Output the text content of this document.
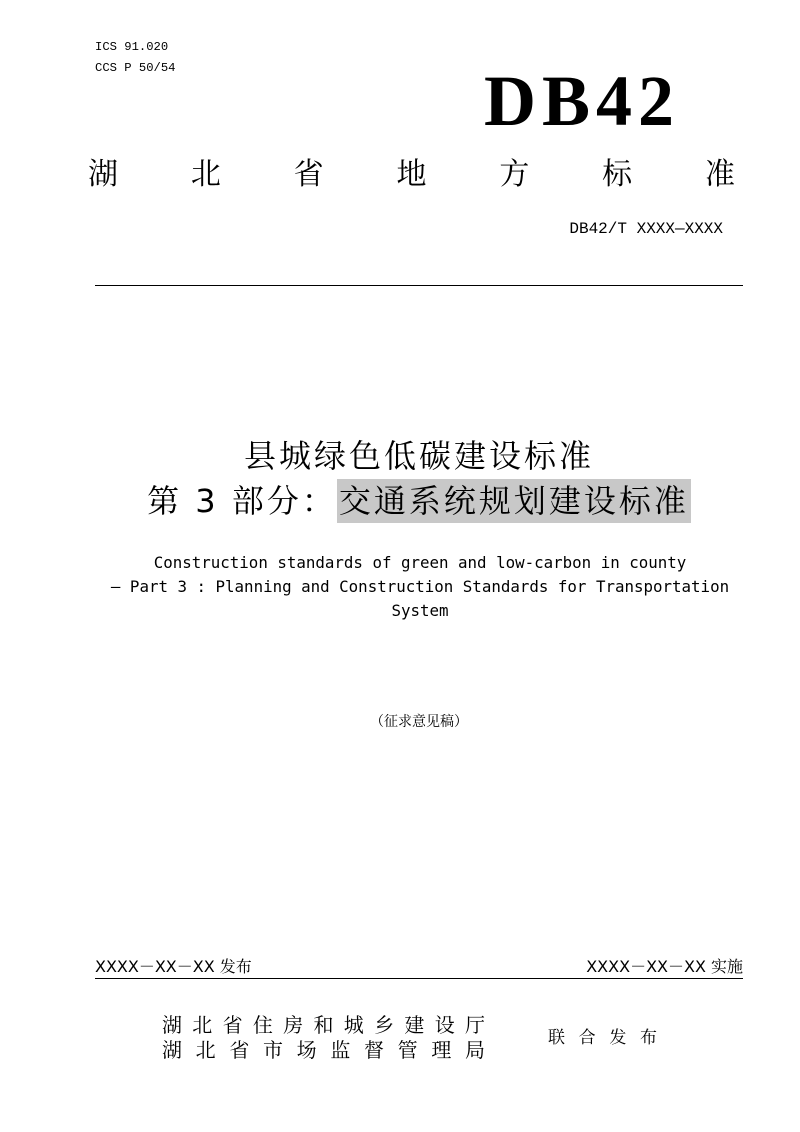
ICS 91.020
CCS P 50/54	DB42
湖北省地方标准
DB42/T XXXX—XXXX
县城绿色低碳建设标准
第 3 部分：交通系统规划建设标准
Construction standards of green and low-carbon in county
— Part 3 : Planning and Construction Standards for Transportation
System
（征求意见稿）
XXXX－XX－XX 发布	XXXX－XX－XX 实施
湖北省住房和城乡建设厅
湖北省市场监督管理局	联合发布
